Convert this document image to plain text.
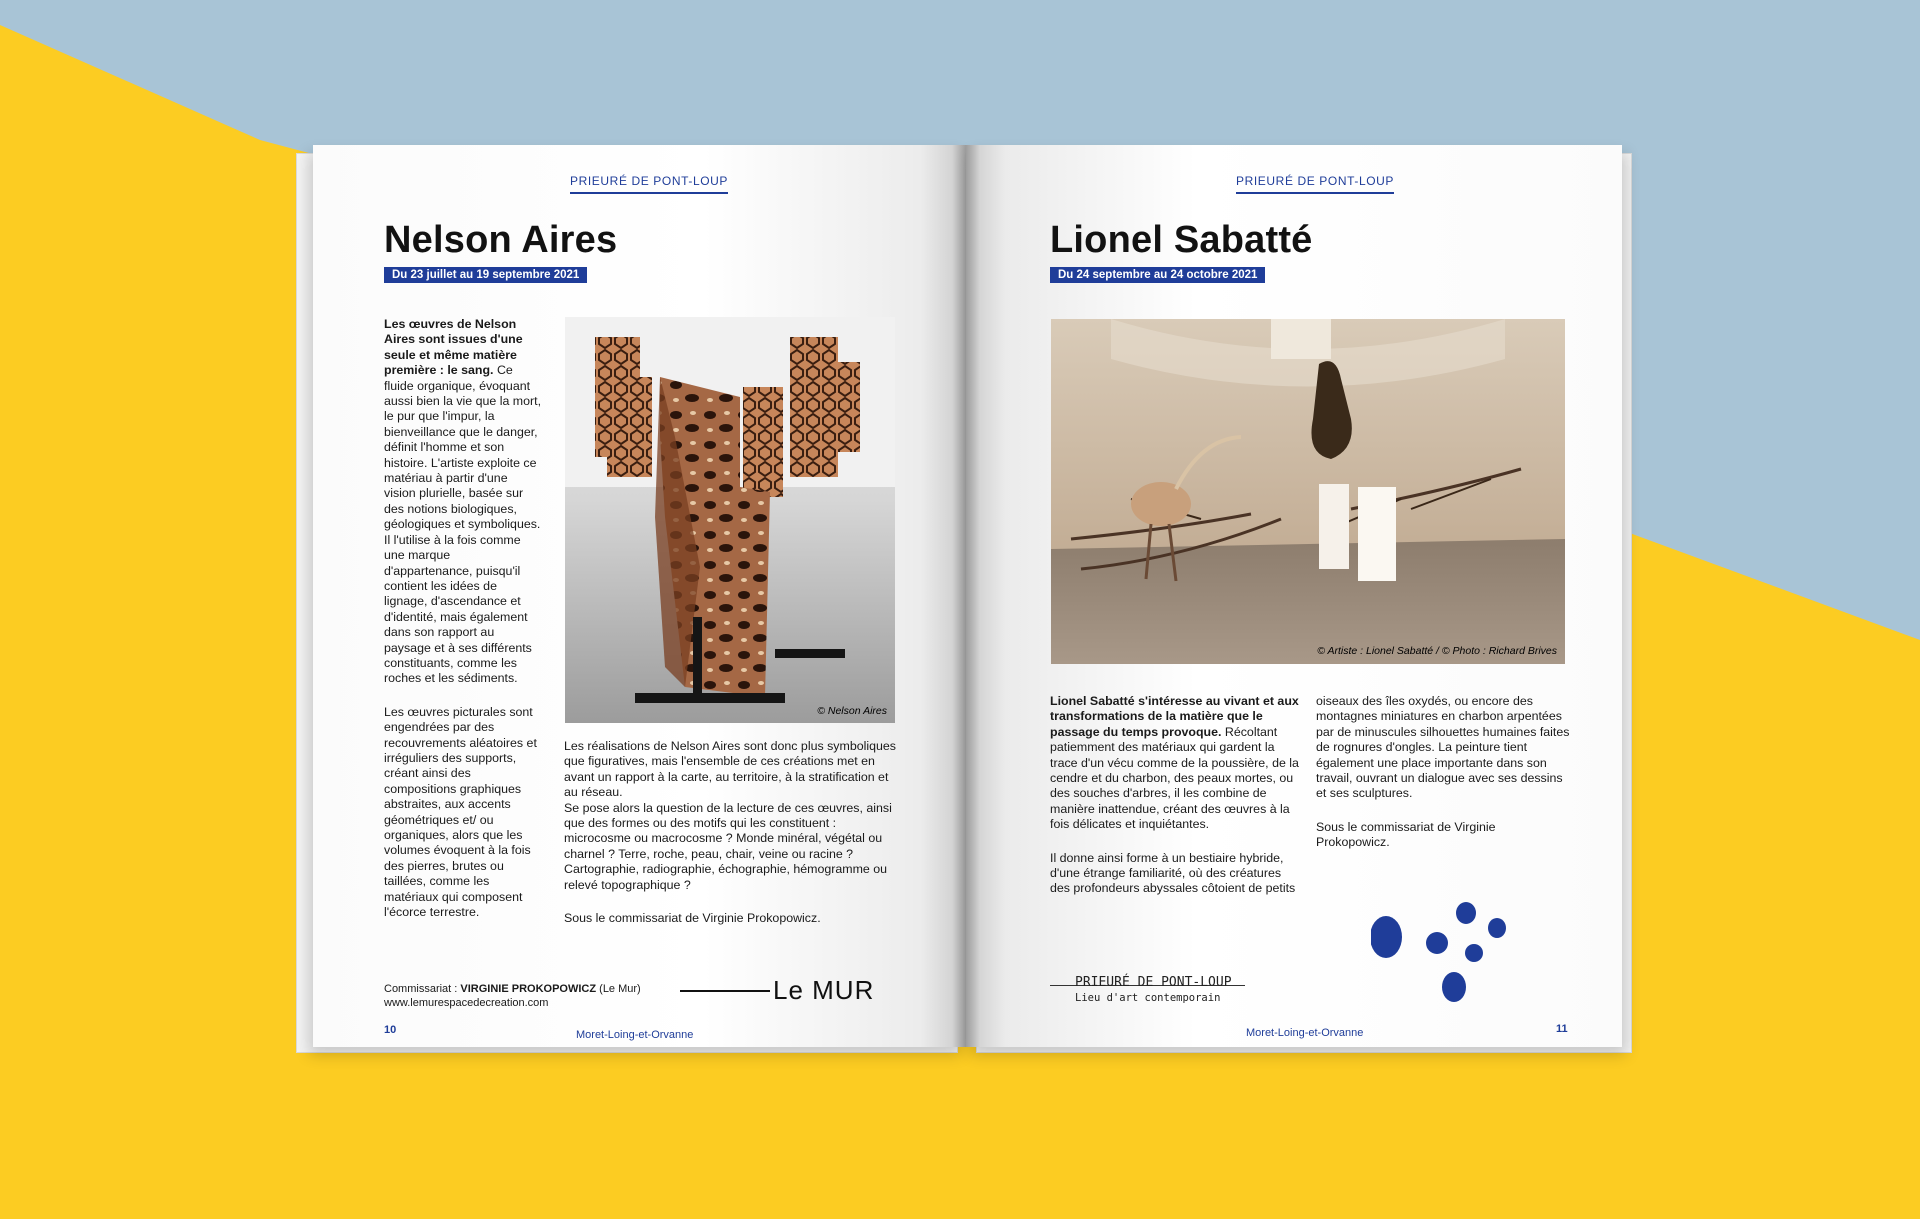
PRIEURÉ DE PONT-LOUP
Nelson Aires
Du 23 juillet au 19 septembre 2021

Les œuvres de Nelson Aires sont issues d'une seule et même matière première : le sang. Ce fluide organique, évoquant aussi bien la vie que la mort, le pur que l'impur, la bienveillance que le danger, définit l'homme et son histoire. L'artiste exploite ce matériau à partir d'une vision plurielle, basée sur des notions biologiques, géologiques et symboliques. Il l'utilise à la fois comme une marque d'appartenance, puisqu'il contient les idées de lignage, d'ascendance et d'identité, mais également dans son rapport au paysage et à ses différents constituants, comme les roches et les sédiments.

Les œuvres picturales sont engendrées par des recouvrements aléatoires et irréguliers des supports, créant ainsi des compositions graphiques abstraites, aux accents géométriques et/ ou organiques, alors que les volumes évoquent à la fois des pierres, brutes ou taillées, comme les matériaux qui composent l'écorce terrestre.

© Nelson Aires
Les réalisations de Nelson Aires sont donc plus symboliques que figuratives, mais l'ensemble de ces créations met en avant un rapport à la carte, au territoire, à la stratification et au réseau.
Se pose alors la question de la lecture de ces œuvres, ainsi que des formes ou des motifs qui les constituent : microcosme ou macrocosme ? Monde minéral, végétal ou charnel ? Terre, roche, peau, chair, veine ou racine ? Cartographie, radiographie, échographie, hémogramme ou relevé topographique ?
Sous le commissariat de Virginie Prokopowicz.
Commissariat : VIRGINIE PROKOPOWICZ (Le Mur)
www.lemurespacedecreation.com	Le MUR
10	Moret-Loing-et-Orvanne
PRIEURÉ DE PONT-LOUP
Lionel Sabatté
Du 24 septembre au 24 octobre 2021
© Artiste : Lionel Sabatté / © Photo : Richard Brives

Lionel Sabatté s'intéresse au vivant et aux transformations de la matière que le passage du temps provoque. Récoltant patiemment des matériaux qui gardent la trace d'un vécu comme de la poussière, de la cendre et du charbon, des peaux mortes, ou des souches d'arbres, il les combine de manière inattendue, créant des œuvres à la fois délicates et inquiétantes.

Il donne ainsi forme à un bestiaire hybride, d'une étrange familiarité, où des créatures des profondeurs abyssales côtoient de petits

oiseaux des îles oxydés, ou encore des montagnes miniatures en charbon arpentées par de minuscules silhouettes humaines faites de rognures d'ongles. La peinture tient également une place importante dans son travail, ouvrant un dialogue avec ses dessins et ses sculptures.

Sous le commissariat de Virginie Prokopowicz.

PRIEURÉ DE PONT-LOUP
Lieu d'art contemporain
Moret-Loing-et-Orvanne	11
